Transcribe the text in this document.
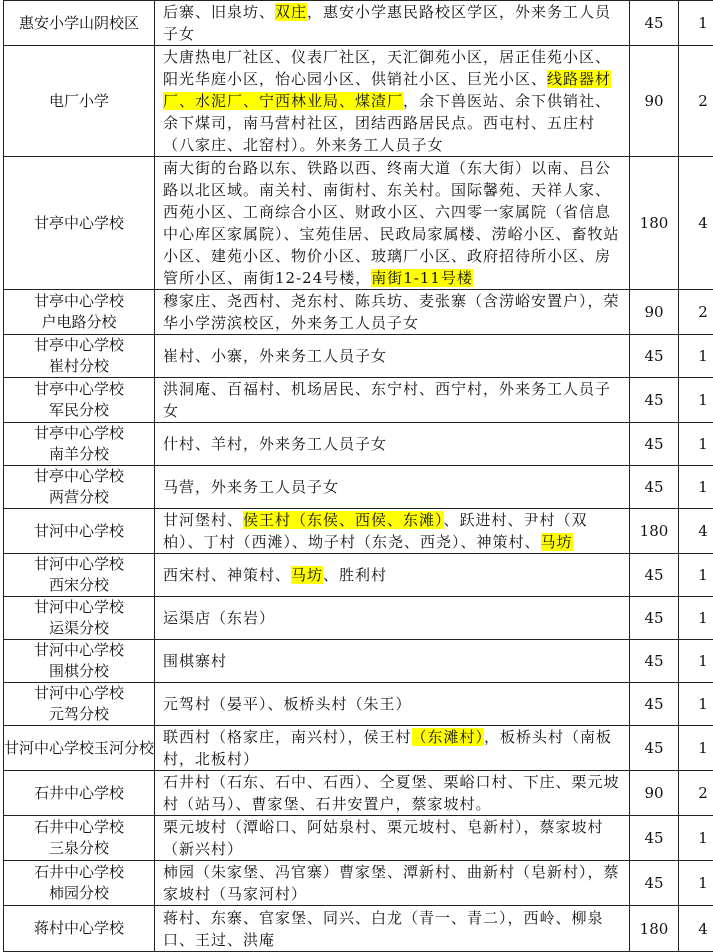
惠安小学山阴校区	后寨、旧泉坊、双庄，惠安小学惠民路校区学区，外来务工人员子女	45	1

电厂小学	大唐热电厂社区、仪表厂社区，天汇御苑小区，居正佳苑小区、阳光华庭小区，怡心园小区、供销社小区、巨光小区、线路器材厂、水泥厂、宁西林业局、煤渣厂，余下兽医站、余下供销社、余下煤司，南马营村社区，团结西路居民点。西屯村、五庄村（八家庄、北窑村）。外来务工人员子女	90	2

甘亭中心学校	南大街的台路以东、铁路以西、终南大道（东大街）以南、吕公路以北区域。南关村、南街村、东关村。国际馨苑、天祥人家、西苑小区、工商综合小区、财政小区、六四零一家属院（省信息中心库区家属院）、宝苑佳居、民政局家属楼、涝峪小区、畜牧站小区、建苑小区、物价小区、玻璃厂小区、政府招待所小区、房管所小区、南街12-24号楼，南街1-11号楼	180	4

甘亭中心学校
户电路分校	穆家庄、尧西村、尧东村、陈兵坊、麦张寨（含涝峪安置户），荣华小学涝滨校区，外来务工人员子女	90	2

甘亭中心学校
崔村分校	崔村、小寨，外来务工人员子女	45	1

甘亭中心学校
军民分校	洪洞庵、百福村、机场居民、东宁村、西宁村，外来务工人员子女	45	1

甘亭中心学校
南羊分校	什村、羊村，外来务工人员子女	45	1

甘亭中心学校
两营分校	马营，外来务工人员子女	45	1

甘河中心学校	甘河堡村、侯王村（东侯、西侯、东滩）、跃进村、尹村（双柏）、丁村（西滩）、坳子村（东尧、西尧）、神策村、马坊	180	4

甘河中心学校
西宋分校	西宋村、神策村、马坊、胜利村	45	1

甘河中心学校
运渠分校	运渠店（东岩）	45	1

甘河中心学校
围棋分校	围棋寨村	45	1

甘河中心学校
元驾分校	元驾村（晏平）、板桥头村（朱王）	45	1

甘河中心学校玉河分校	联西村（格家庄，南兴村），侯王村（东滩村），板桥头村（南板村，北板村）	45	1

石井中心学校	石井村（石东、石中、石西）、仝夏堡、栗峪口村、下庄、栗元坡村（站马）、曹家堡、石井安置户，蔡家坡村。	90	2

石井中心学校
三泉分校	栗元坡村（潭峪口、阿姑泉村、栗元坡村、皂新村），蔡家坡村（新兴村）	45	1

石井中心学校
柿园分校	柿园（朱家堡、冯官寨）曹家堡、潭新村、曲新村（皂新村），蔡家坡村（马家河村）	45	1

蒋村中心学校	蒋村、东寨、官家堡、同兴、白龙（青一、青二），西岭、柳泉口、王过、洪庵	180	4
